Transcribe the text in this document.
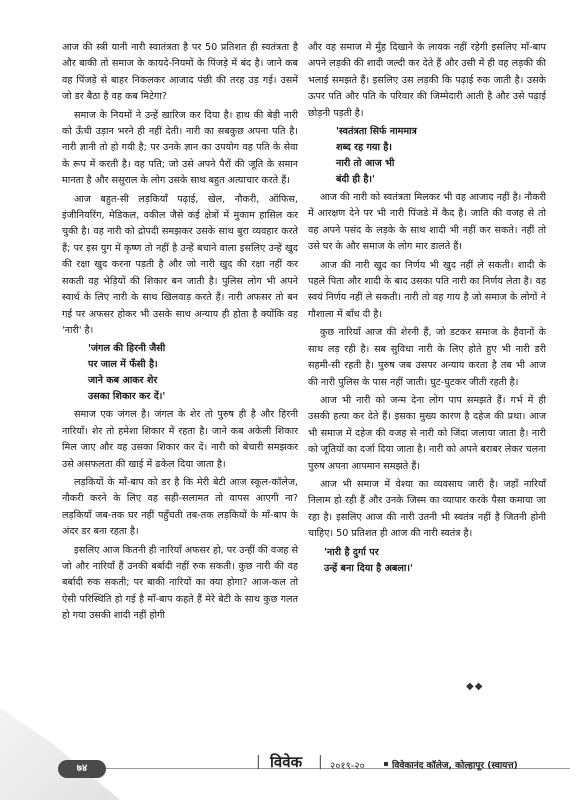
आज की स्त्री यानी नारी स्वातंत्रता है पर 50 प्रतिशत ही स्वतंत्रता है और बाकी तो समाज के कायदे-नियमों के पिंजड़े में बंद है। जाने कब वह पिंजड़े से बाहर निकलकर आजाद पंछी की तरह उड़ गई। उसमें जो डर बैठा है वह कब मिटेगा?

समाज के नियमों ने उन्हें खारिज कर दिया है। हाथ की बेड़ी नारी को ऊँची उड़ान भरने ही नहीं देती। नारी का सबकुछ अपना पति है। नारी ज्ञानी तो हो गयी है; पर उनके ज्ञान का उपयोग वह पति के सेवा के रूप में करती है। वह पति; जो उसे अपने पैरों की जूति के समान मानता है और ससुराल के लोग उसके साथ बहुत अत्याचार करते हैं।

आज बहुत-सी लड़कियाँ पढ़ाई, खेल, नौकरी, ऑफिस, इंजीनियरिंग, मेडिकल, वकील जैसे कई क्षेत्रों में मुकाम हासिल कर चुकी है। वह नारी को द्रोपदी समझकर उसके साथ बुरा व्यवहार करते हैं; पर इस युग में कृष्ण तो नहीं है उन्हें बचाने वाला इसलिए उन्हें खुद की रक्षा खुद करना पड़ती है और जो नारी खुद की रक्षा नहीं कर सकती वह भेड़ियों की शिकार बन जाती है। पुलिस लोग भी अपने स्वार्थ के लिए नारी के साथ खिलवाड़ करते हैं। नारी अफसर तो बन गई पर अफसर होकर भी उसके साथ अन्याय ही होता है क्योंकि वह 'नारी' है।

'जंगल की हिरनी जैसी
पर जाल में फँसी है।
जाने कब आकर शेर
उसका शिकार कर दें।'

समाज एक जंगल है। जंगल के शेर तो पुरुष ही है और हिरनी नारियाँ। शेर तो हमेशा शिकार में रहता है। जाने कब अकेली शिकार मिल जाए और वह उसका शिकार कर दें। नारी को बेचारी समझकर उसे असफलता की खाई में ढकेल दिया जाता है।

लड़कियों के माँ-बाप को डर है कि मेरी बेटी आज स्कूल-कॉलेज, नौकरी करने के लिए वह सही-सलामत तो वापस आएगी ना? लड़कियाँ जब-तक घर नहीं पहुँचती तब-तक लड़कियों के माँ-बाप के अंदर डर बना रहता है।

इसलिए आज कितनी ही नारियाँ अफसर हो, पर उन्हीं की वजह से जो और नारियाँ हैं उनकी बर्बादी नहीं रुक सकती। कुछ नारी की वह बर्बादी रुक सकती; पर बाकी नारियों का क्या होगा? आज-कल तो ऐसी परिस्थिति हो गई है माँ-बाप कहते हैं मेरे बेटी के साथ कुछ गलत हो गया उसकी शादी नहीं होगी

और वह समाज में मुँह दिखाने के लायक नहीं रहेगी इसलिए माँ-बाप अपने लड़की की शादी जल्दी कर देते हैं और उसी में ही वह लड़की की भलाई समझते हैं। इसलिए उस लड़की कि पढ़ाई रुक जाती है। उसके ऊपर पति और पति के परिवार की जिम्मेदारी आती है और उसे पढ़ाई छोड़नी पड़ती है।

'स्वतंत्रता सिर्फ नाममात्र
शब्द रह गया है।
नारी तो आज भी
बंदी ही है।'

आज की नारी को स्वतंत्रता मिलकर भी वह आजाद नहीं है। नौकरी में आरक्षण देने पर भी नारी पिंजडे में कैद है। जाति की वजह से तो वह अपने पसंद के लड़के के साथ शादी भी नहीं कर सकते। नहीं तो उसे घर के और समाज के लोग मार डालते हैं।

आज की नारी खुद का निर्णय भी खुद नहीं ले सकती। शादी के पहले पिता और शादी के बाद उसका पति नारी का निर्णय लेता है। वह स्वयं निर्णय नहीं ले सकती। नारी तो वह गाय है जो समाज के लोगों ने गौशाला में बाँध दी है।

कुछ नारियाँ आज की शेरनी हैं, जो डटकर समाज के हैवानों के साथ लड़ रही है। सब सुविधा नारी के लिए होते हुए भी नारी डरी सहमी-सी रहती है। पुरुष जब उसपर अन्याय करता है तब भी आज की नारी पुलिस के पास नहीं जाती। घुट-घुटकर जीती रहती है।

आज भी नारी को जन्म देना लोग पाप समझते हैं। गर्भ में ही उसकी हत्या कर देते हैं। इसका मुख्य कारण है दहेज की प्रथा। आज भी समाज में दहेज की वजह से नारी को जिंदा जलाया जाता है। नारी को जूतियों का दर्जा दिया जाता है। नारी को अपने बराबर लेकर चलना पुरुष अपना आपमान समझते हैं।

आज भी समाज में वेश्या का व्यवसाय जारी है। जहाँ नारियाँ निलाम हो रही हैं और उनके जिस्म का व्यापार करके पैसा कमाया जा रहा है। इसलिए आज की नारी उतनी भी स्वतंत्र नहीं है जितनी होनी चाहिए। 50 प्रतिशत ही आज की नारी स्वतंत्र है।

'नारी है दुर्गा पर
उन्हें बना दिया है अबला।'
◆◆
७४	| विवेक | २०१९-२०	विवेकानंद कॉलेज, कोल्हापूर (स्वायत्त)
